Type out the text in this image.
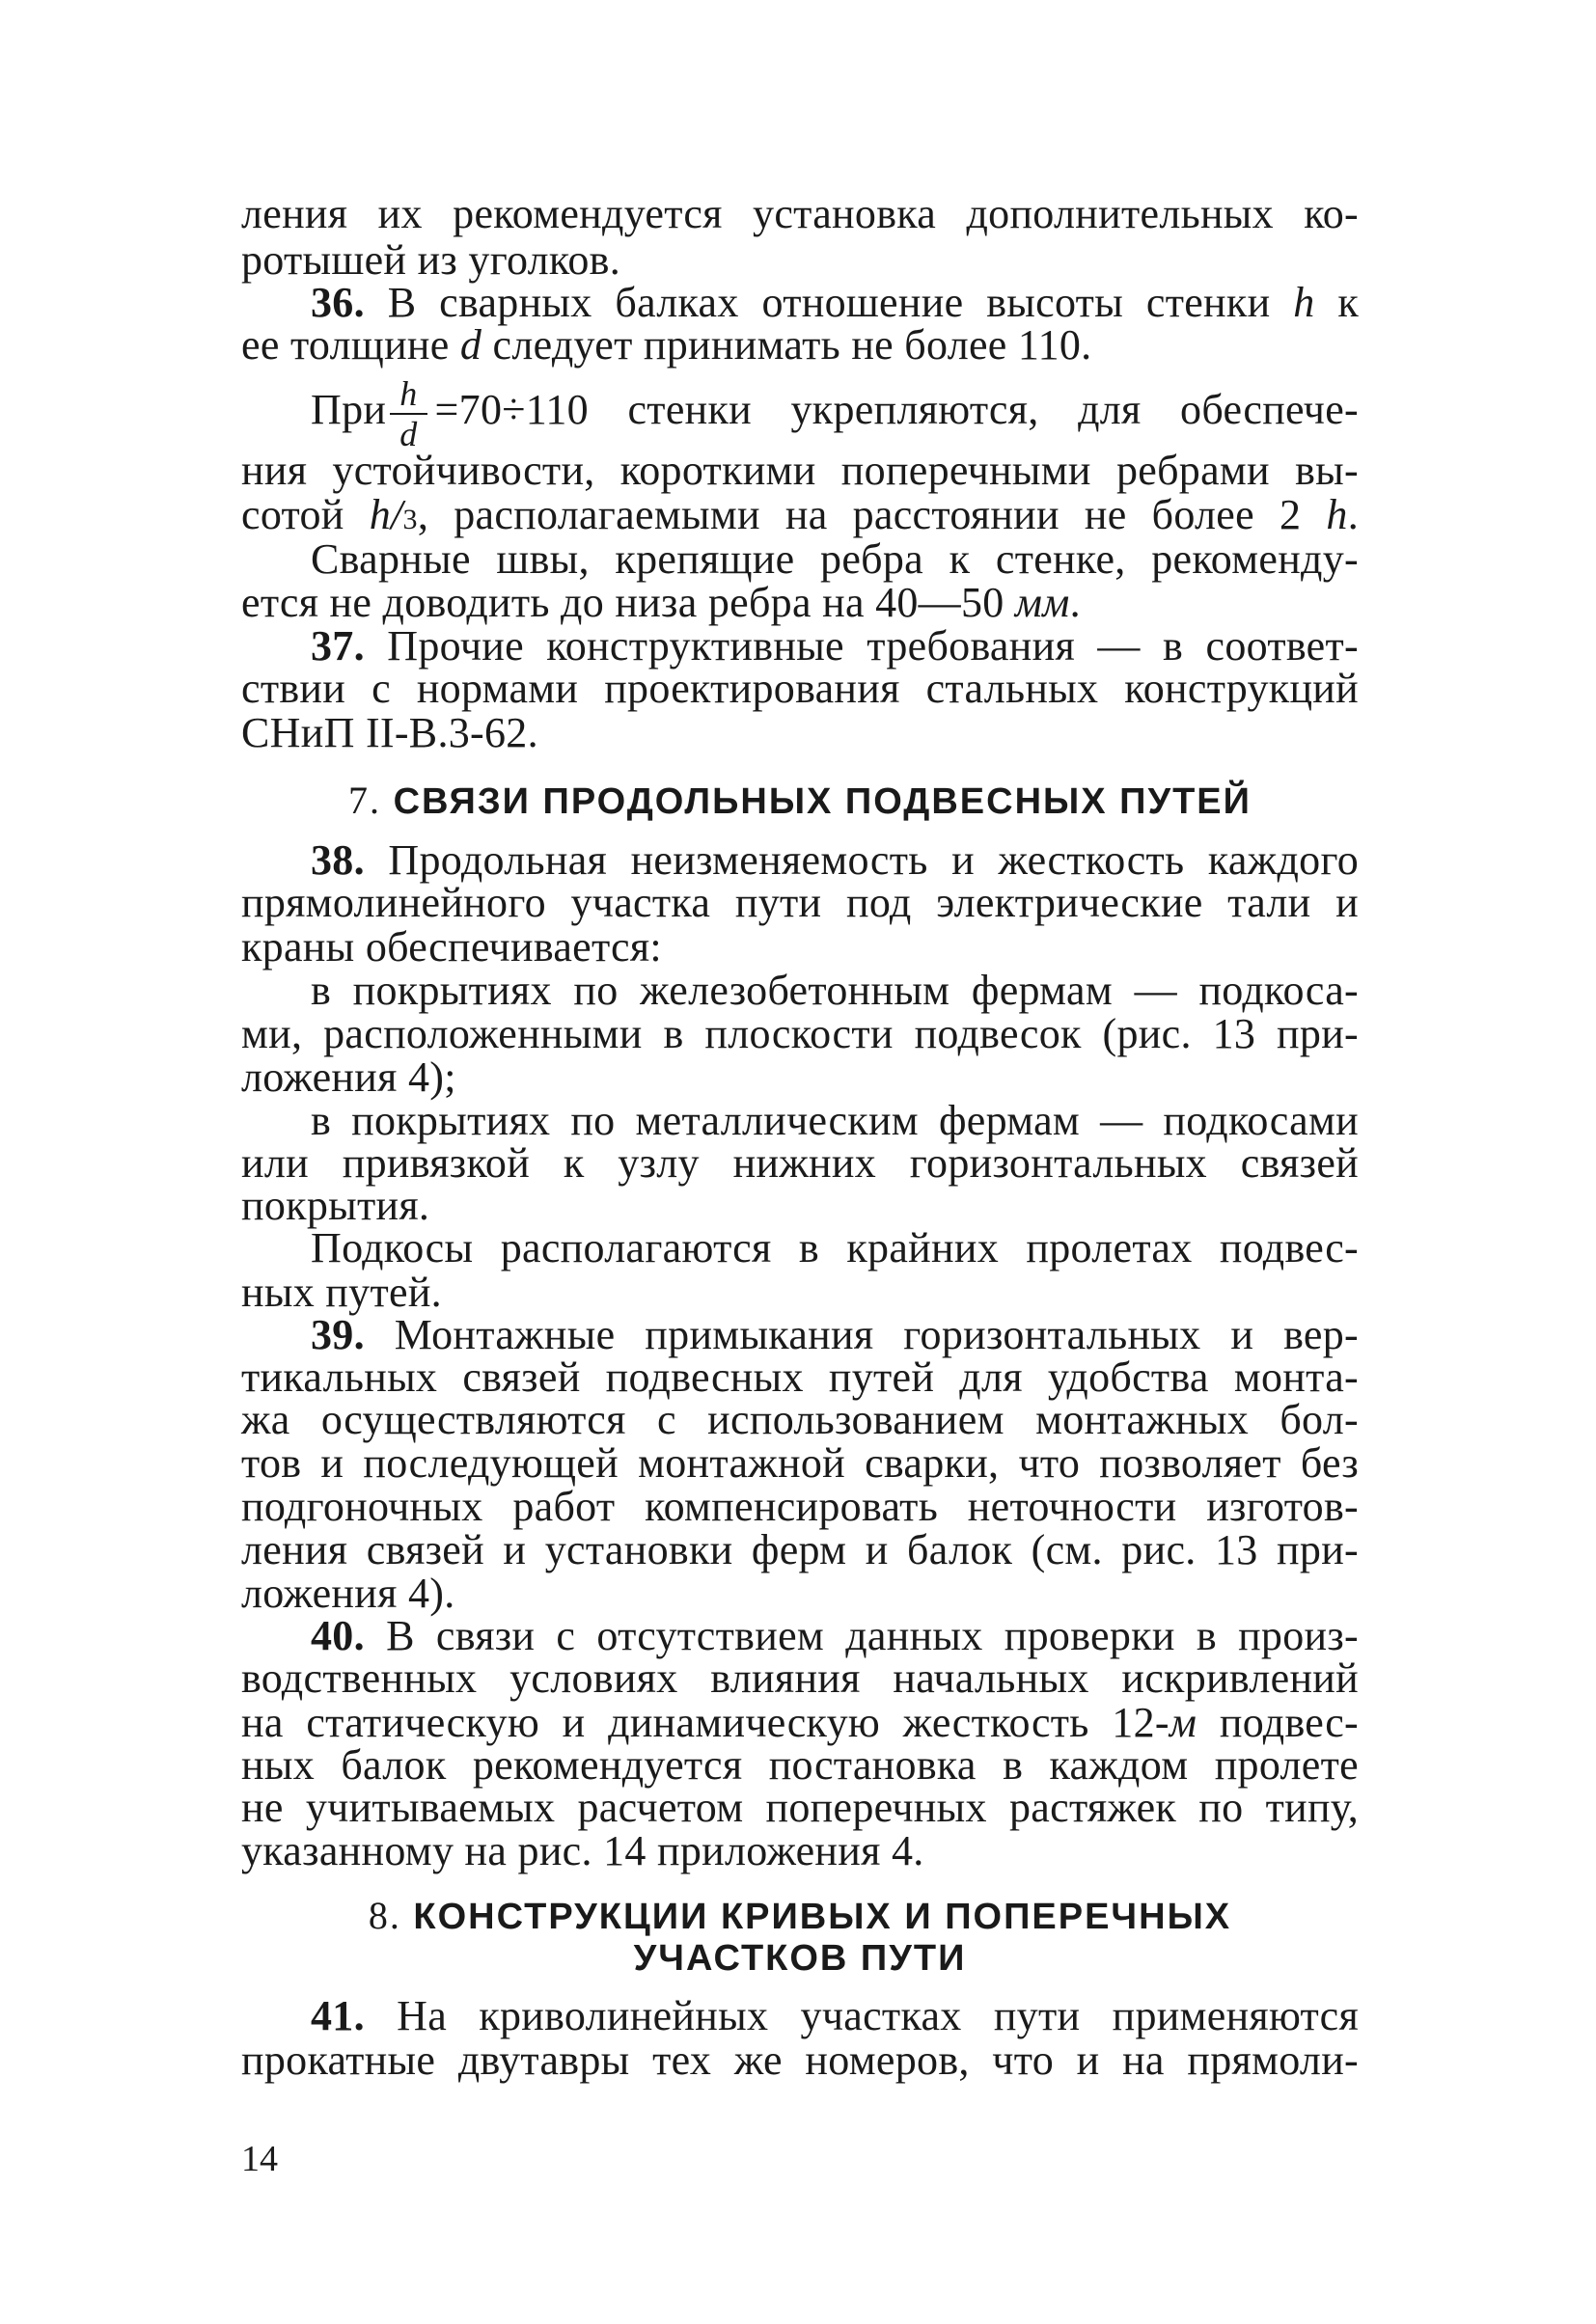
ления их рекомендуется установка дополнительных ко-
ротышей из уголков.
36. В сварных балках отношение высоты стенки h к
ее толщине d следует принимать не более 110.
При $\frac{h}{d} =70\div 110$ стенки укрепляются, для обеспече-
ния устойчивости, короткими поперечными ребрами вы-
сотой h/3, располагаемыми на расстоянии не более 2 h.
Сварные швы, крепящие ребра к стенке, рекоменду-
ется не доводить до низа ребра на 40—50 мм.
37. Прочие конструктивные требования — в соответ-
ствии с нормами проектирования стальных конструкций
СНиП II-В.3-62.
7. СВЯЗИ ПРОДОЛЬНЫХ ПОДВЕСНЫХ ПУТЕЙ
38. Продольная неизменяемость и жесткость каждого
прямолинейного участка пути под электрические тали и
краны обеспечивается:
в покрытиях по железобетонным фермам — подкоса-
ми, расположенными в плоскости подвесок (рис. 13 при-
ложения 4);
в покрытиях по металлическим фермам — подкосами
или привязкой к узлу нижних горизонтальных связей
покрытия.
Подкосы располагаются в крайних пролетах подвес-
ных путей.
39. Монтажные примыкания горизонтальных и вер-
тикальных связей подвесных путей для удобства монта-
жа осуществляются с использованием монтажных бол-
тов и последующей монтажной сварки, что позволяет без
подгоночных работ компенсировать неточности изготов-
ления связей и установки ферм и балок (см. рис. 13 при-
ложения 4).
40. В связи с отсутствием данных проверки в произ-
водственных условиях влияния начальных искривлений
на статическую и динамическую жесткость 12-м подвес-
ных балок рекомендуется постановка в каждом пролете
не учитываемых расчетом поперечных растяжек по типу,
указанному на рис. 14 приложения 4.
8. КОНСТРУКЦИИ КРИВЫХ И ПОПЕРЕЧНЫХ
УЧАСТКОВ ПУТИ
41. На криволинейных участках пути применяются
прокатные двутавры тех же номеров, что и на прямоли-
14
